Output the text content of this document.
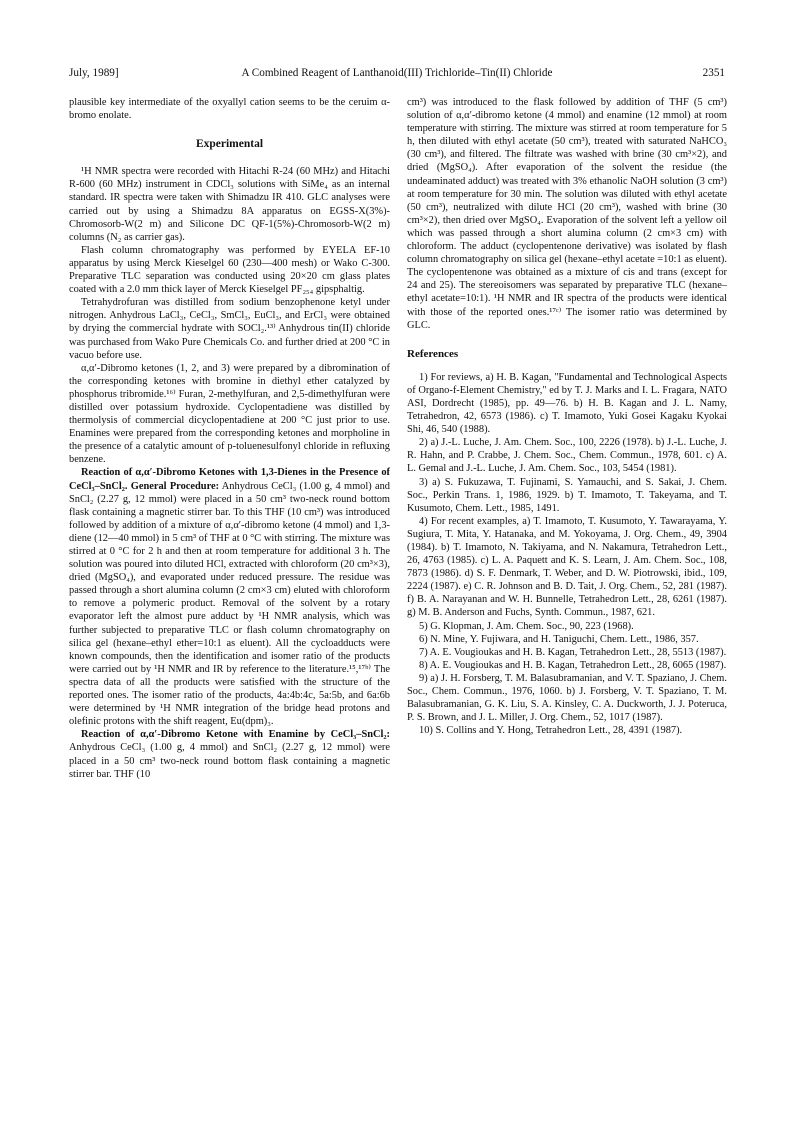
July, 1989]	A Combined Reagent of Lanthanoid(III) Trichloride–Tin(II) Chloride	2351

plausible key intermediate of the oxyallyl cation seems to be the ceruim α-bromo enolate.

Experimental

¹H NMR spectra were recorded with Hitachi R-24 (60 MHz) and Hitachi R-600 (60 MHz) instrument in CDCl₃ solutions with SiMe₄ as an internal standard. IR spectra were taken with Shimadzu IR 410. GLC analyses were carried out by using a Shimadzu 8A apparatus on EGSS-X(3%)-Chromosorb-W(2 m) and Silicone DC QF-1(5%)-Chromosorb-W(2 m) columns (N₂ as carrier gas).

Flash column chromatography was performed by EYELA EF-10 apparatus by using Merck Kieselgel 60 (230—400 mesh) or Wako C-300. Preparative TLC separation was conducted using 20×20 cm glass plates coated with a 2.0 mm thick layer of Merck Kieselgel PF₂₅₄ gipsphaltig.

Tetrahydrofuran was distilled from sodium benzophenone ketyl under nitrogen. Anhydrous LaCl₃, CeCl₃, SmCl₃, EuCl₃, and ErCl₃ were obtained by drying the commercial hydrate with SOCl₂.¹³⁾ Anhydrous tin(II) chloride was purchased from Wako Pure Chemicals Co. and further dried at 200 °C in vacuo before use.

α,α′-Dibromo ketones (1, 2, and 3) were prepared by a dibromination of the corresponding ketones with bromine in diethyl ether catalyzed by phosphorus tribromide.¹⁶⁾ Furan, 2-methylfuran, and 2,5-dimethylfuran were distilled over potassium hydroxide. Cyclopentadiene was distilled by thermolysis of commercial dicyclopentadiene at 200 °C just prior to use. Enamines were prepared from the corresponding ketones and morpholine in the presence of a catalytic amount of p-toluenesulfonyl chloride in refluxing benzene.

Reaction of α,α′-Dibromo Ketones with 1,3-Dienes in the Presence of CeCl₃–SnCl₂. General Procedure: Anhydrous CeCl₃ (1.00 g, 4 mmol) and SnCl₂ (2.27 g, 12 mmol) were placed in a 50 cm³ two-neck round bottom flask containing a magnetic stirrer bar. To this THF (10 cm³) was introduced followed by addition of a mixture of α,α′-dibromo ketone (4 mmol) and 1,3-diene (12—40 mmol) in 5 cm³ of THF at 0 °C with stirring. The mixture was stirred at 0 °C for 2 h and then at room temperature for additional 3 h. The solution was poured into diluted HCl, extracted with chloroform (20 cm³×3), dried (MgSO₄), and evaporated under reduced pressure. The residue was passed through a short alumina column (2 cm×3 cm) eluted with chloroform to remove a polymeric product. Removal of the solvent by a rotary evaporator left the almost pure adduct by ¹H NMR analysis, which was further subjected to preparative TLC or flash column chromatography on silica gel (hexane–ethyl ether=10:1 as eluent). All the cycloadducts were known compounds, then the identification and isomer ratio of the products were carried out by ¹H NMR and IR by reference to the literature.¹⁵,¹⁷ᵇ⁾ The spectra data of all the products were satisfied with the structure of the reported ones. The isomer ratio of the products, 4a:4b:4c, 5a:5b, and 6a:6b were determined by ¹H NMR integration of the bridge head protons and olefinic protons with the shift reagent, Eu(dpm)₃.

Reaction of α,α′-Dibromo Ketone with Enamine by CeCl₃–SnCl₂: Anhydrous CeCl₃ (1.00 g, 4 mmol) and SnCl₂ (2.27 g, 12 mmol) were placed in a 50 cm³ two-neck round bottom flask containing a magnetic stirrer bar. THF (10

cm³) was introduced to the flask followed by addition of THF (5 cm³) solution of α,α′-dibromo ketone (4 mmol) and enamine (12 mmol) at room temperature with stirring. The mixture was stirred at room temperature for 5 h, then diluted with ethyl acetate (50 cm³), treated with saturated NaHCO₃ (30 cm³), and filtered. The filtrate was washed with brine (30 cm³×2), and dried (MgSO₄). After evaporation of the solvent the residue (the undeaminated adduct) was treated with 3% ethanolic NaOH solution (3 cm³) at room temperature for 30 min. The solution was diluted with ethyl acetate (50 cm³), neutralized with dilute HCl (20 cm³), washed with brine (30 cm³×2), then dried over MgSO₄. Evaporation of the solvent left a yellow oil which was passed through a short alumina column (2 cm×3 cm) with chloroform. The adduct (cyclopentenone derivative) was isolated by flash column chromatography on silica gel (hexane–ethyl acetate =10:1 as eluent). The cyclopentenone was obtained as a mixture of cis and trans (except for 24 and 25). The stereoisomers was separated by preparative TLC (hexane–ethyl acetate=10:1). ¹H NMR and IR spectra of the products were identical with those of the reported ones.¹⁷ᶜ⁾ The isomer ratio was determined by GLC.

References

1) For reviews, a) H. B. Kagan, "Fundamental and Technological Aspects of Organo-f-Element Chemistry," ed by T. J. Marks and I. L. Fragara, NATO ASI, Dordrecht (1985), pp. 49—76. b) H. B. Kagan and J. L. Namy, Tetrahedron, 42, 6573 (1986). c) T. Imamoto, Yuki Gosei Kagaku Kyokai Shi, 46, 540 (1988).

2) a) J.-L. Luche, J. Am. Chem. Soc., 100, 2226 (1978). b) J.-L. Luche, J. R. Hahn, and P. Crabbe, J. Chem. Soc., Chem. Commun., 1978, 601. c) A. L. Gemal and J.-L. Luche, J. Am. Chem. Soc., 103, 5454 (1981).

3) a) S. Fukuzawa, T. Fujinami, S. Yamauchi, and S. Sakai, J. Chem. Soc., Perkin Trans. 1, 1986, 1929. b) T. Imamoto, T. Takeyama, and T. Kusumoto, Chem. Lett., 1985, 1491.

4) For recent examples, a) T. Imamoto, T. Kusumoto, Y. Tawarayama, Y. Sugiura, T. Mita, Y. Hatanaka, and M. Yokoyama, J. Org. Chem., 49, 3904 (1984). b) T. Imamoto, N. Takiyama, and N. Nakamura, Tetrahedron Lett., 26, 4763 (1985). c) L. A. Paquett and K. S. Learn, J. Am. Chem. Soc., 108, 7873 (1986). d) S. F. Denmark, T. Weber, and D. W. Piotrowski, ibid., 109, 2224 (1987). e) C. R. Johnson and B. D. Tait, J. Org. Chem., 52, 281 (1987). f) B. A. Narayanan and W. H. Bunnelle, Tetrahedron Lett., 28, 6261 (1987). g) M. B. Anderson and Fuchs, Synth. Commun., 1987, 621.

5) G. Klopman, J. Am. Chem. Soc., 90, 223 (1968).

6) N. Mine, Y. Fujiwara, and H. Taniguchi, Chem. Lett., 1986, 357.

7) A. E. Vougioukas and H. B. Kagan, Tetrahedron Lett., 28, 5513 (1987).

8) A. E. Vougioukas and H. B. Kagan, Tetrahedron Lett., 28, 6065 (1987).

9) a) J. H. Forsberg, T. M. Balasubramanian, and V. T. Spaziano, J. Chem. Soc., Chem. Commun., 1976, 1060. b) J. Forsberg, V. T. Spaziano, T. M. Balasubramanian, G. K. Liu, S. A. Kinsley, C. A. Duckworth, J. J. Poteruca, P. S. Brown, and J. L. Miller, J. Org. Chem., 52, 1017 (1987).

10) S. Collins and Y. Hong, Tetrahedron Lett., 28, 4391 (1987).
